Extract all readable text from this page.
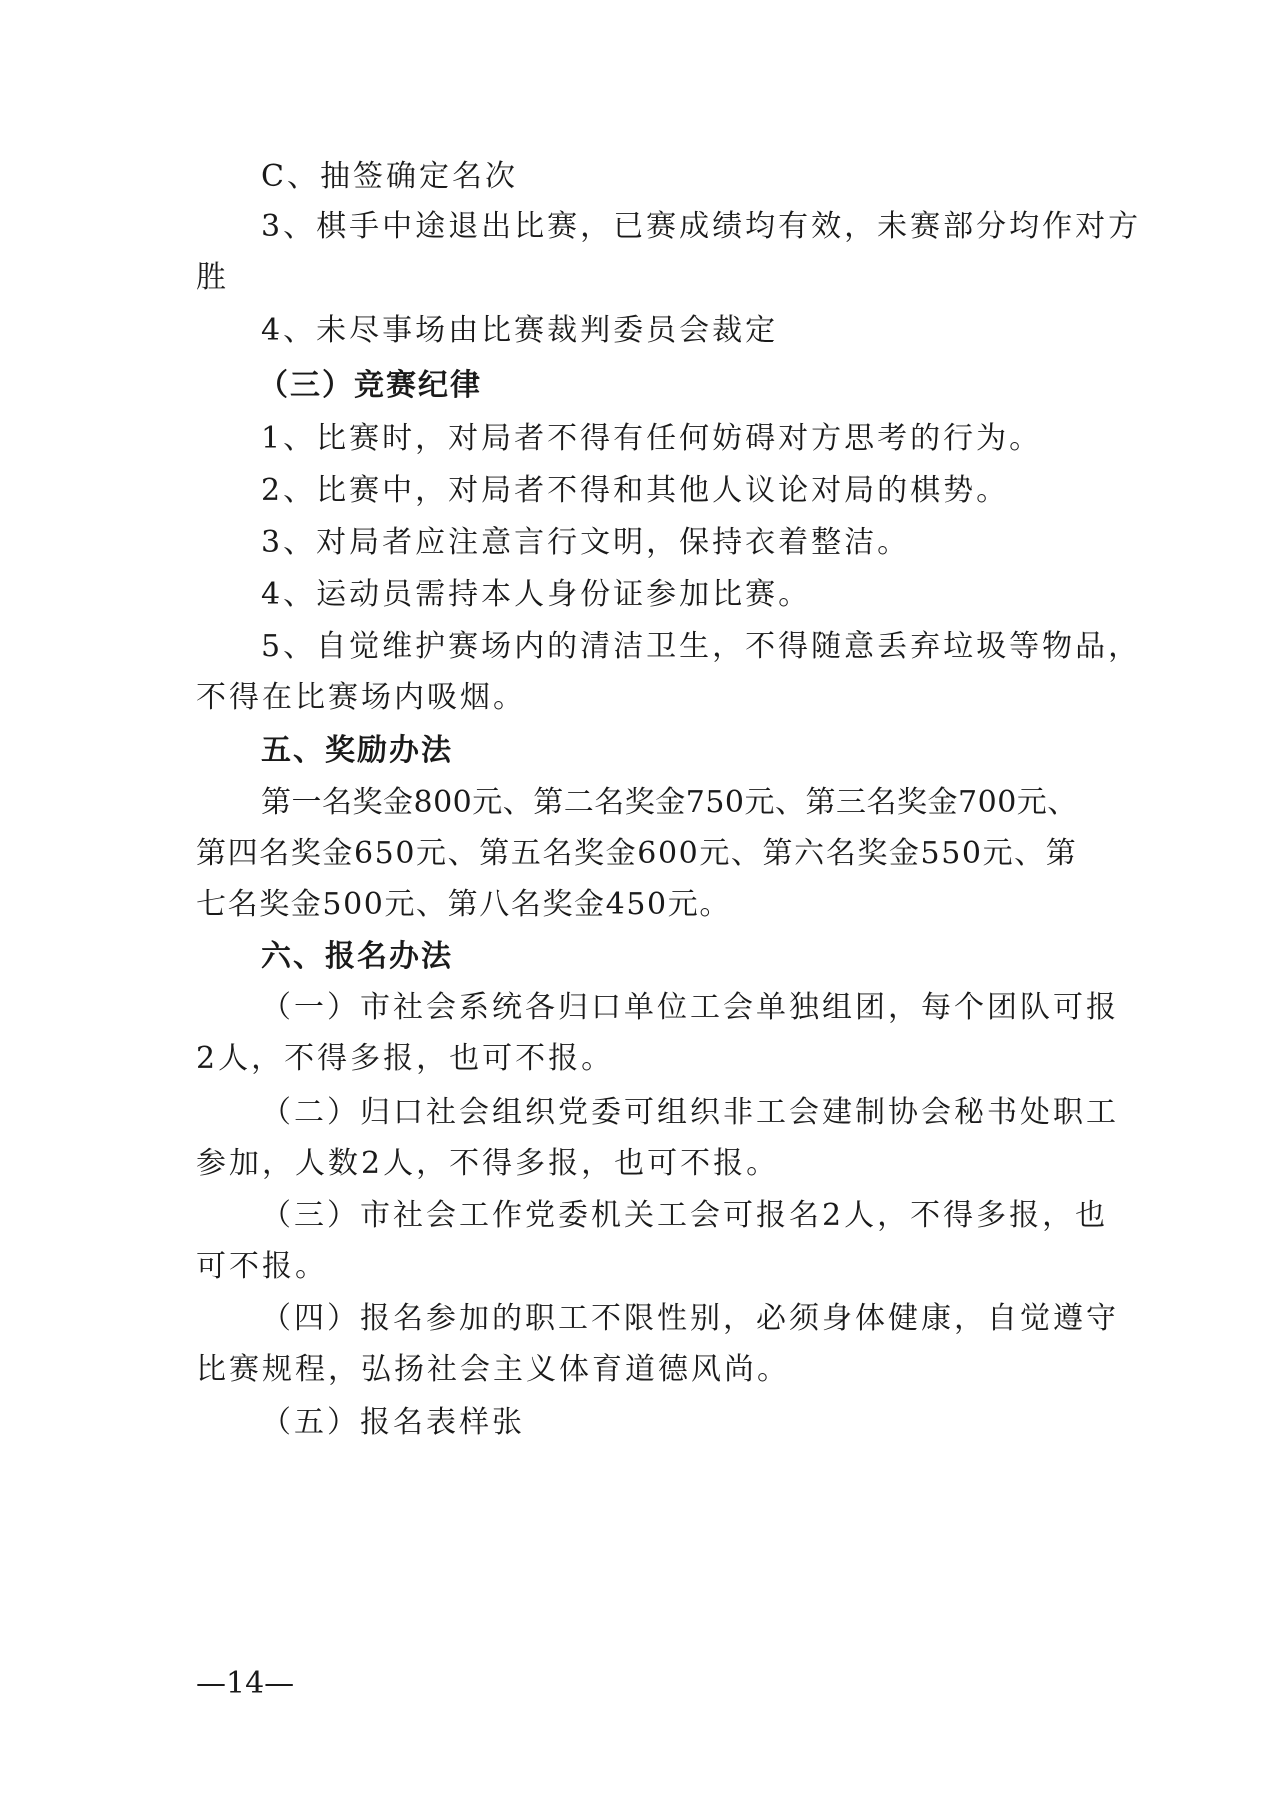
C、抽签确定名次
3、棋手中途退出比赛，已赛成绩均有效，未赛部分均作对方
胜
4、未尽事场由比赛裁判委员会裁定
（三）竞赛纪律
1、比赛时，对局者不得有任何妨碍对方思考的行为。
2、比赛中，对局者不得和其他人议论对局的棋势。
3、对局者应注意言行文明，保持衣着整洁。
4、运动员需持本人身份证参加比赛。
5、自觉维护赛场内的清洁卫生，不得随意丢弃垃圾等物品，
不得在比赛场内吸烟。
五、奖励办法
第一名奖金800元、第二名奖金750元、第三名奖金700元、
第四名奖金650元、第五名奖金600元、第六名奖金550元、第
七名奖金500元、第八名奖金450元。
六、报名办法
（一）市社会系统各归口单位工会单独组团，每个团队可报
2人，不得多报，也可不报。
（二）归口社会组织党委可组织非工会建制协会秘书处职工
参加，人数2人，不得多报，也可不报。
（三）市社会工作党委机关工会可报名2人，不得多报，也
可不报。
（四）报名参加的职工不限性别，必须身体健康，自觉遵守
比赛规程，弘扬社会主义体育道德风尚。
（五）报名表样张
—14—
